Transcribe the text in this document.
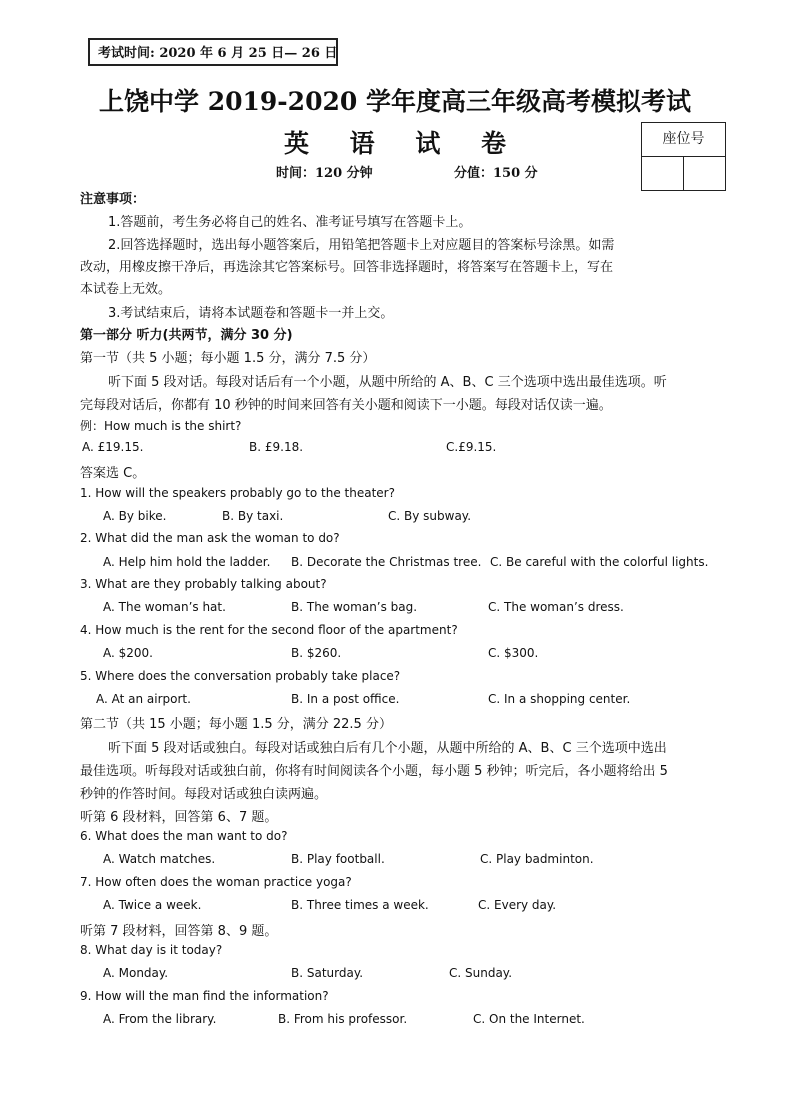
考试时间: 2020 年 6 月 25 日— 26 日
上饶中学 2019-2020 学年度高三年级高考模拟考试
英 语 试 卷	座位号
时间：120 分钟	分值：150 分
注意事项：
1.答题前，考生务必将自己的姓名、准考证号填写在答题卡上。
2.回答选择题时，选出每小题答案后，用铅笔把答题卡上对应题目的答案标号涂黑。如需
改动，用橡皮擦干净后，再选涂其它答案标号。回答非选择题时，将答案写在答题卡上，写在
本试卷上无效。
3.考试结束后，请将本试题卷和答题卡一并上交。
第一部分 听力(共两节，满分 30 分)
第一节（共 5 小题；每小题 1.5 分，满分 7.5 分）
听下面 5 段对话。每段对话后有一个小题，从题中所给的 A、B、C 三个选项中选出最佳选项。听
完每段对话后，你都有 10 秒钟的时间来回答有关小题和阅读下一小题。每段对话仅读一遍。
例：How much is the shirt?
A. £19.15.	B. £9.18.	C.£9.15.
答案选 C。
1. How will the speakers probably go to the theater?
A. By bike.	B. By taxi.	C. By subway.
2. What did the man ask the woman to do?
A. Help him hold the ladder. B. Decorate the Christmas tree. C. Be careful with the colorful lights.
3. What are they probably talking about?
A. The woman’s hat.	B. The woman’s bag.	C. The woman’s dress.
4. How much is the rent for the second floor of the apartment?
A. $200.	B. $260.	C. $300.
5. Where does the conversation probably take place?
A. At an airport.	B. In a post office.	C. In a shopping center.
第二节（共 15 小题；每小题 1.5 分，满分 22.5 分）
听下面 5 段对话或独白。每段对话或独白后有几个小题，从题中所给的 A、B、C 三个选项中选出
最佳选项。听每段对话或独白前，你将有时间阅读各个小题，每小题 5 秒钟；听完后，各小题将给出 5
秒钟的作答时间。每段对话或独白读两遍。
听第 6 段材料，回答第 6、7 题。
6. What does the man want to do?
A. Watch matches.	B. Play football.	C. Play badminton.
7. How often does the woman practice yoga?
A. Twice a week.	B. Three times a week.	C. Every day.
听第 7 段材料，回答第 8、9 题。
8. What day is it today?
A. Monday.	B. Saturday.	C. Sunday.
9. How will the man find the information?
A. From the library.	B. From his professor.	C. On the Internet.
